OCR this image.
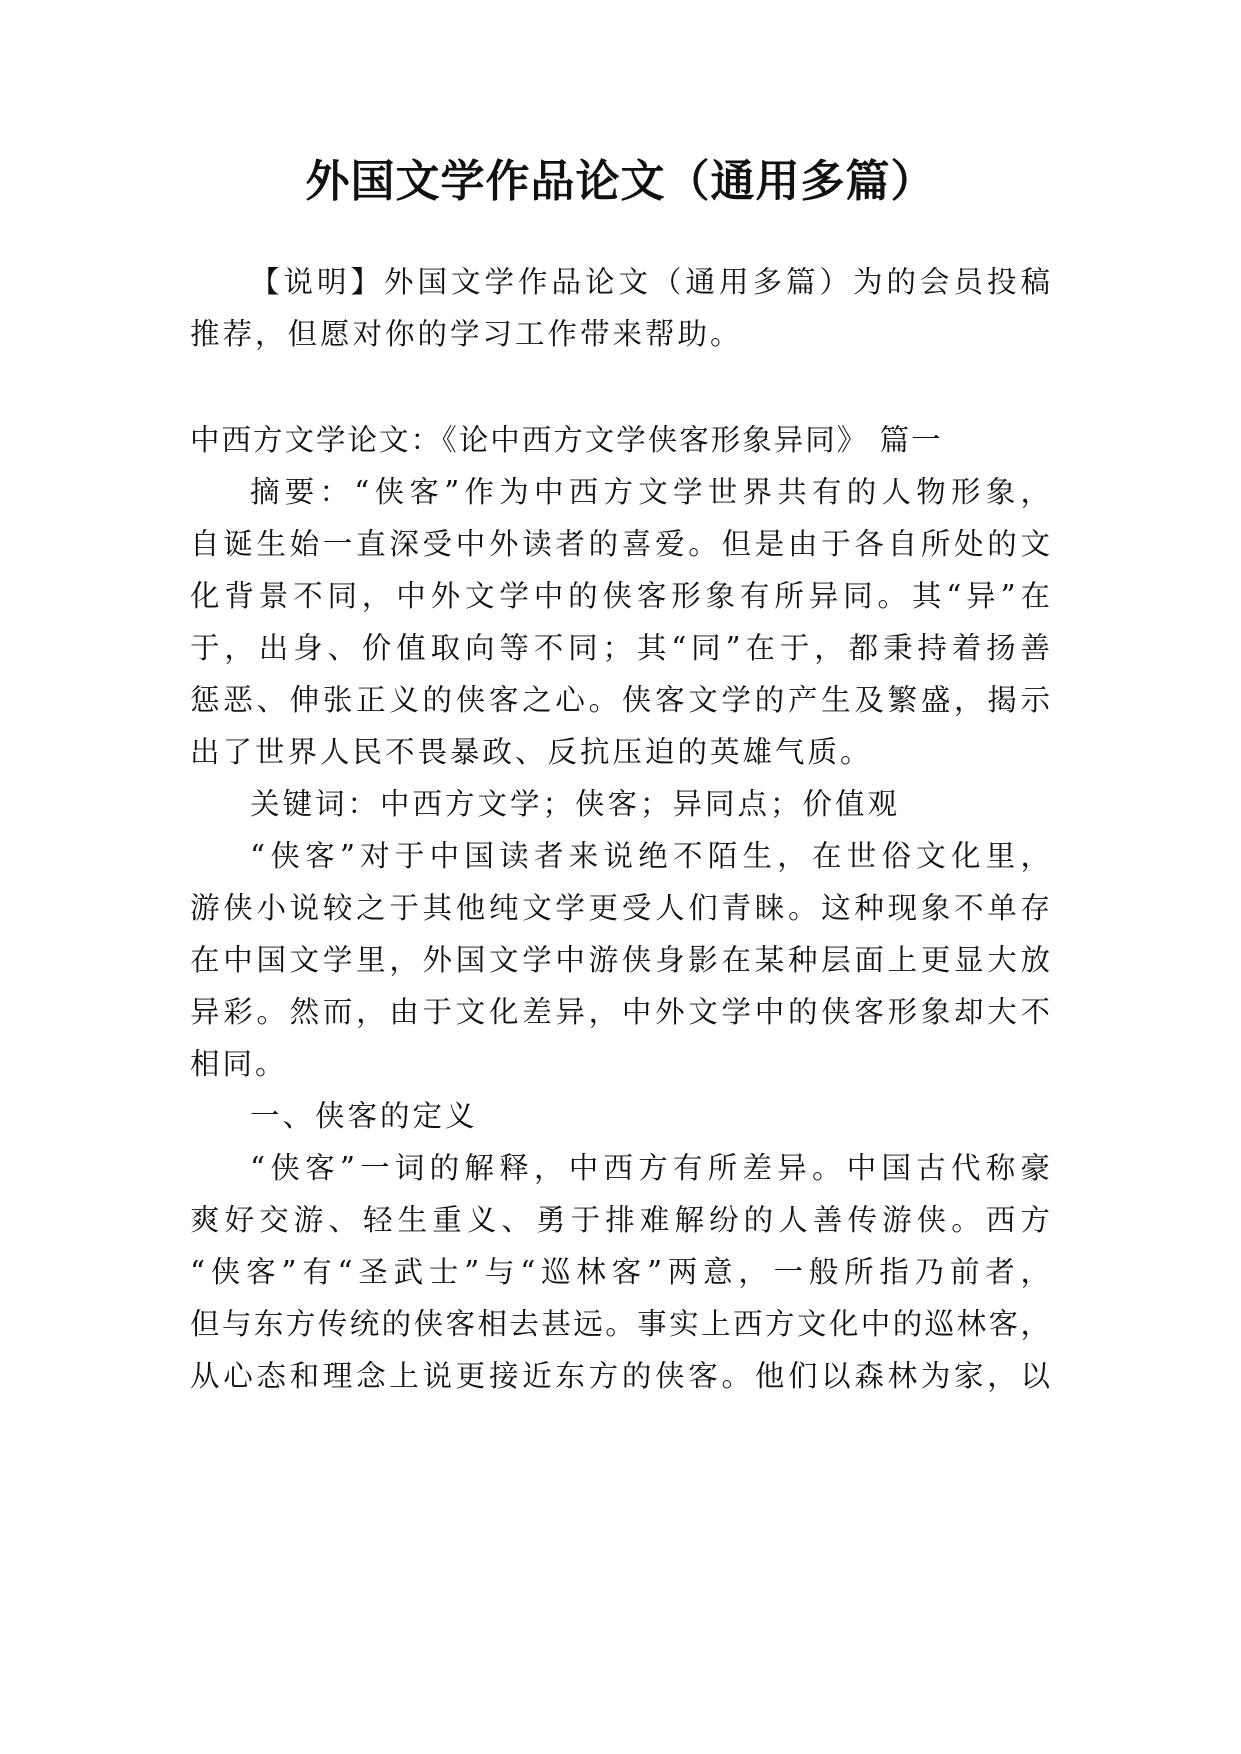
外国文学作品论文（通用多篇）
【说明】外国文学作品论文（通用多篇）为的会员投稿
推荐，但愿对你的学习工作带来帮助。
中西方文学论文：《论中西方文学侠客形象异同》 篇一
摘要：“侠客”作为中西方文学世界共有的人物形象，
自诞生始一直深受中外读者的喜爱。但是由于各自所处的文
化背景不同，中外文学中的侠客形象有所异同。其“异”在
于，出身、价值取向等不同；其“同”在于，都秉持着扬善
惩恶、伸张正义的侠客之心。侠客文学的产生及繁盛，揭示
出了世界人民不畏暴政、反抗压迫的英雄气质。
关键词：中西方文学；侠客；异同点；价值观
“侠客”对于中国读者来说绝不陌生，在世俗文化里，
游侠小说较之于其他纯文学更受人们青睐。这种现象不单存
在中国文学里，外国文学中游侠身影在某种层面上更显大放
异彩。然而，由于文化差异，中外文学中的侠客形象却大不
相同。
一、侠客的定义
“侠客”一词的解释，中西方有所差异。中国古代称豪
爽好交游、轻生重义、勇于排难解纷的人善传游侠。西方
“侠客”有“圣武士”与“巡林客”两意，一般所指乃前者，
但与东方传统的侠客相去甚远。事实上西方文化中的巡林客，
从心态和理念上说更接近东方的侠客。他们以森林为家，以
